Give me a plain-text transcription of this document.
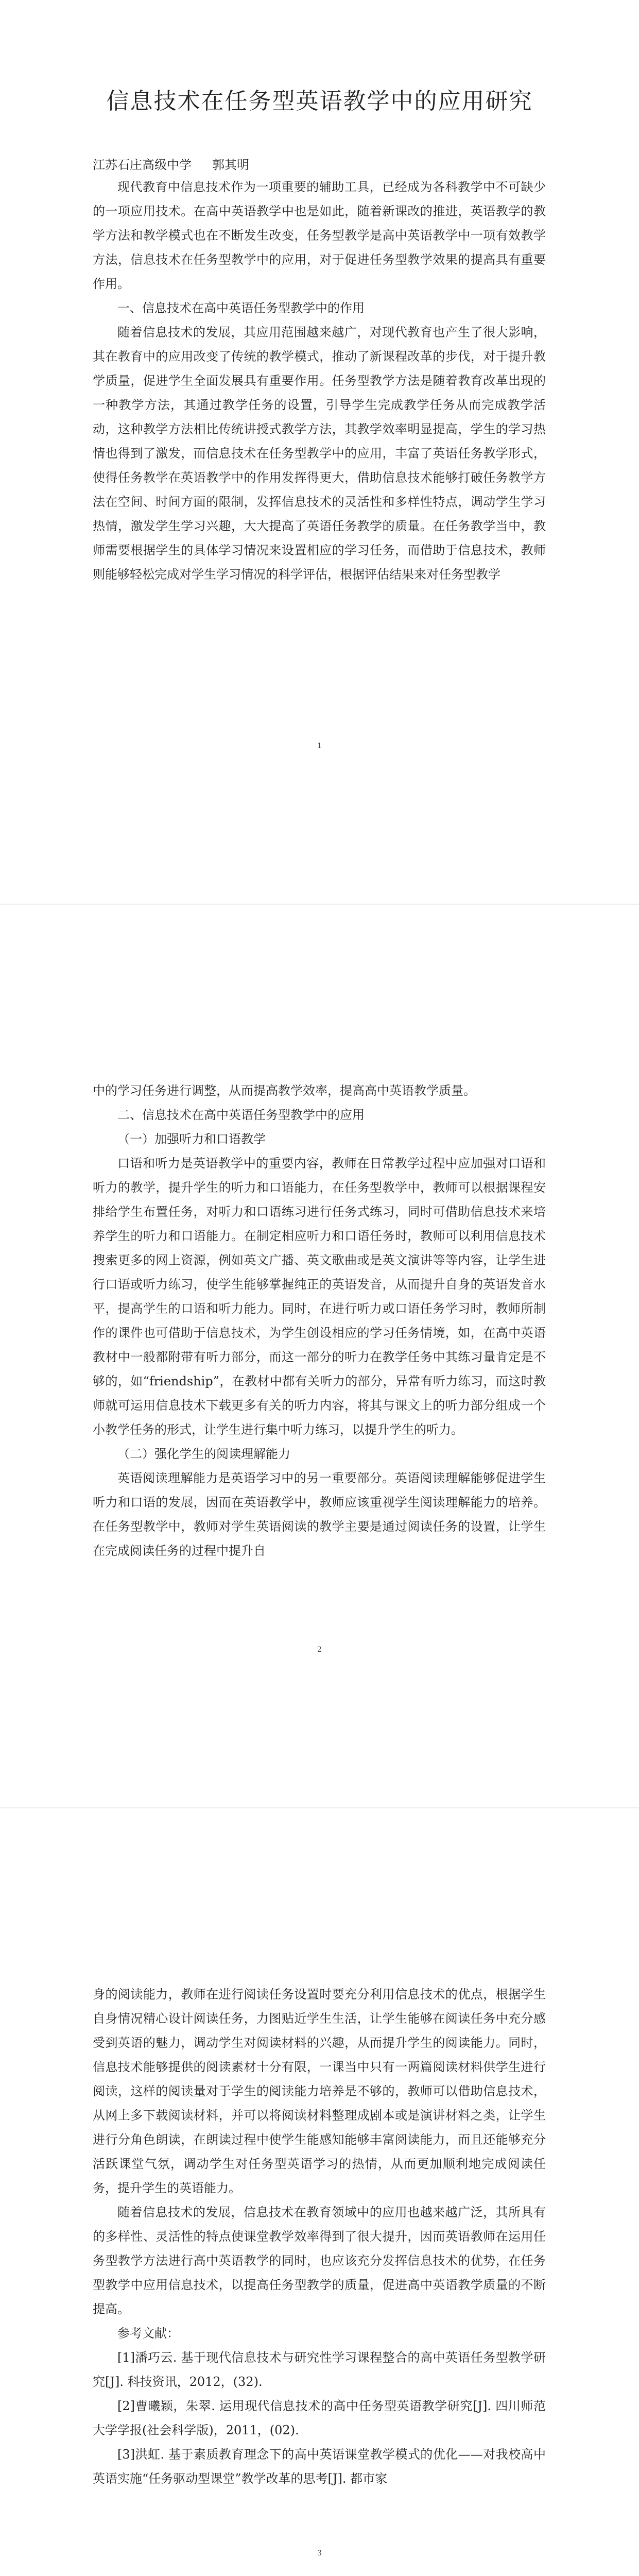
信息技术在任务型英语教学中的应用研究
江苏石庄高级中学 郭其明

现代教育中信息技术作为一项重要的辅助工具，已经成为各科教学中不可缺少的一项应用技术。在高中英语教学中也是如此，随着新课改的推进，英语教学的教学方法和教学模式也在不断发生改变，任务型教学是高中英语教学中一项有效教学方法，信息技术在任务型教学中的应用，对于促进任务型教学效果的提高具有重要作用。

一、信息技术在高中英语任务型教学中的作用

随着信息技术的发展，其应用范围越来越广，对现代教育也产生了很大影响，其在教育中的应用改变了传统的教学模式，推动了新课程改革的步伐，对于提升教学质量，促进学生全面发展具有重要作用。任务型教学方法是随着教育改革出现的一种教学方法，其通过教学任务的设置，引导学生完成教学任务从而完成教学活动，这种教学方法相比传统讲授式教学方法，其教学效率明显提高，学生的学习热情也得到了激发，而信息技术在任务型教学中的应用，丰富了英语任务教学形式，使得任务教学在英语教学中的作用发挥得更大，借助信息技术能够打破任务教学方法在空间、时间方面的限制，发挥信息技术的灵活性和多样性特点，调动学生学习热情，激发学生学习兴趣，大大提高了英语任务教学的质量。在任务教学当中，教师需要根据学生的具体学习情况来设置相应的学习任务，而借助于信息技术，教师则能够轻松完成对学生学习情况的科学评估，根据评估结果来对任务型教学

1

中的学习任务进行调整，从而提高教学效率，提高高中英语教学质量。

二、信息技术在高中英语任务型教学中的应用

（一）加强听力和口语教学

口语和听力是英语教学中的重要内容，教师在日常教学过程中应加强对口语和听力的教学，提升学生的听力和口语能力，在任务型教学中，教师可以根据课程安排给学生布置任务，对听力和口语练习进行任务式练习，同时可借助信息技术来培养学生的听力和口语能力。在制定相应听力和口语任务时，教师可以利用信息技术搜索更多的网上资源，例如英文广播、英文歌曲或是英文演讲等等内容，让学生进行口语或听力练习，使学生能够掌握纯正的英语发音，从而提升自身的英语发音水平，提高学生的口语和听力能力。同时，在进行听力或口语任务学习时，教师所制作的课件也可借助于信息技术，为学生创设相应的学习任务情境，如，在高中英语教材中一般都附带有听力部分，而这一部分的听力在教学任务中其练习量肯定是不够的，如“friendship”，在教材中都有关听力的部分，异常有听力练习，而这时教师就可运用信息技术下载更多有关的听力内容，将其与课文上的听力部分组成一个小教学任务的形式，让学生进行集中听力练习，以提升学生的听力。

（二）强化学生的阅读理解能力

英语阅读理解能力是英语学习中的另一重要部分。英语阅读理解能够促进学生听力和口语的发展，因而在英语教学中，教师应该重视学生阅读理解能力的培养。在任务型教学中，教师对学生英语阅读的教学主要是通过阅读任务的设置，让学生在完成阅读任务的过程中提升自

2

身的阅读能力，教师在进行阅读任务设置时要充分利用信息技术的优点，根据学生自身情况精心设计阅读任务，力图贴近学生生活，让学生能够在阅读任务中充分感受到英语的魅力，调动学生对阅读材料的兴趣，从而提升学生的阅读能力。同时，信息技术能够提供的阅读素材十分有限，一课当中只有一两篇阅读材料供学生进行阅读，这样的阅读量对于学生的阅读能力培养是不够的，教师可以借助信息技术，从网上多下载阅读材料，并可以将阅读材料整理成剧本或是演讲材料之类，让学生进行分角色朗读，在朗读过程中使学生能感知能够丰富阅读能力，而且还能够充分活跃课堂气氛，调动学生对任务型英语学习的热情，从而更加顺利地完成阅读任务，提升学生的英语能力。

随着信息技术的发展，信息技术在教育领域中的应用也越来越广泛，其所具有的多样性、灵活性的特点使课堂教学效率得到了很大提升，因而英语教师在运用任务型教学方法进行高中英语教学的同时，也应该充分发挥信息技术的优势，在任务型教学中应用信息技术，以提高任务型教学的质量，促进高中英语教学质量的不断提高。

参考文献：

[1]潘巧云. 基于现代信息技术与研究性学习课程整合的高中英语任务型教学研究[J]. 科技资讯，2012，(32).

[2]曹曦颖，朱翠. 运用现代信息技术的高中任务型英语教学研究[J]. 四川师范大学学报(社会科学版)，2011，(02).

[3]洪虹. 基于素质教育理念下的高中英语课堂教学模式的优化——对我校高中英语实施“任务驱动型课堂”教学改革的思考[J]. 都市家

3
